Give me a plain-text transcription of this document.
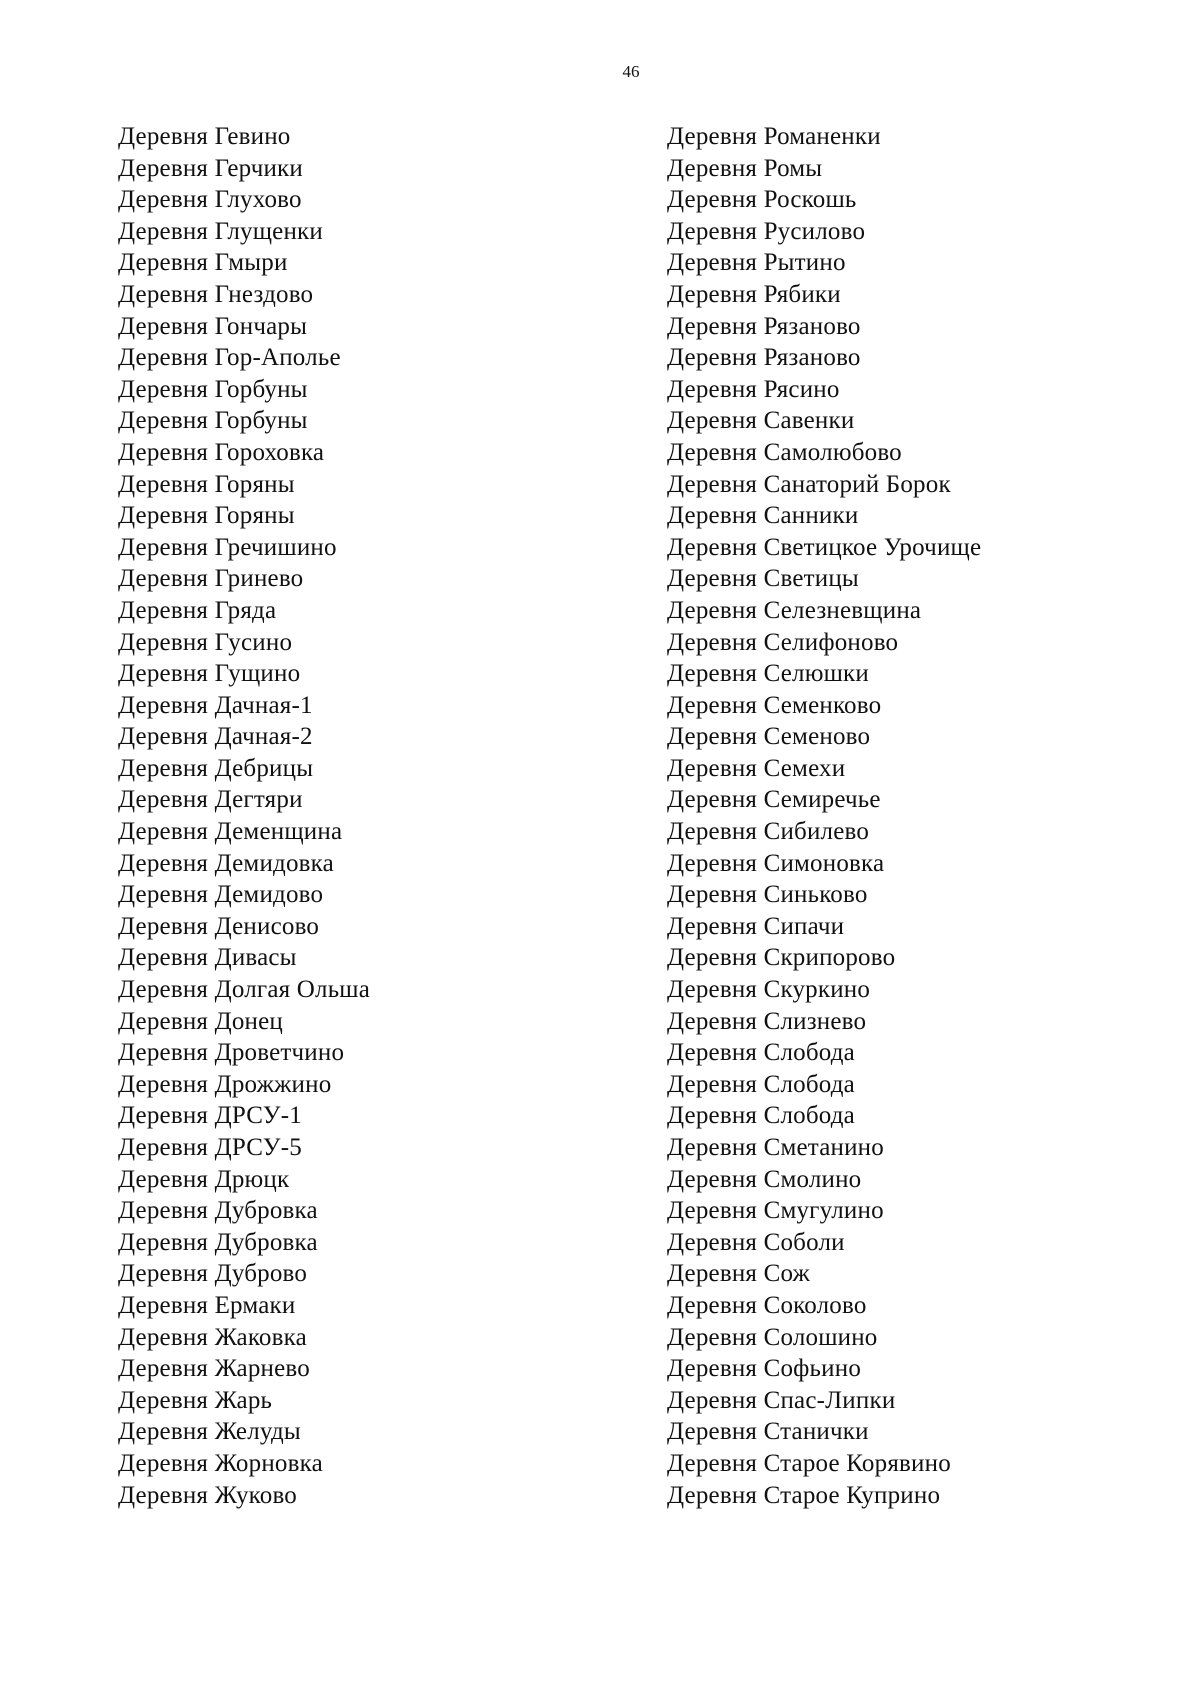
46
Деревня Гевино
Деревня Герчики
Деревня Глухово
Деревня Глущенки
Деревня Гмыри
Деревня Гнездово
Деревня Гончары
Деревня Гор-Аполье
Деревня Горбуны
Деревня Горбуны
Деревня Гороховка
Деревня Горяны
Деревня Горяны
Деревня Гречишино
Деревня Гринево
Деревня Гряда
Деревня Гусино
Деревня Гущино
Деревня Дачная-1
Деревня Дачная-2
Деревня Дебрицы
Деревня Дегтяри
Деревня Деменщина
Деревня Демидовка
Деревня Демидово
Деревня Денисово
Деревня Дивасы
Деревня Долгая Ольша
Деревня Донец
Деревня Дроветчино
Деревня Дрожжино
Деревня ДРСУ-1
Деревня ДРСУ-5
Деревня Дрюцк
Деревня Дубровка
Деревня Дубровка
Деревня Дуброво
Деревня Ермаки
Деревня Жаковка
Деревня Жарнево
Деревня Жарь
Деревня Желуды
Деревня Жорновка
Деревня Жуково
Деревня Романенки
Деревня Ромы
Деревня Роскошь
Деревня Русилово
Деревня Рытино
Деревня Рябики
Деревня Рязаново
Деревня Рязаново
Деревня Рясино
Деревня Савенки
Деревня Самолюбово
Деревня Санаторий Борок
Деревня Санники
Деревня Светицкое Урочище
Деревня Светицы
Деревня Селезневщина
Деревня Селифоново
Деревня Селюшки
Деревня Семенково
Деревня Семеново
Деревня Семехи
Деревня Семиречье
Деревня Сибилево
Деревня Симоновка
Деревня Синьково
Деревня Сипачи
Деревня Скрипорово
Деревня Скуркино
Деревня Слизнево
Деревня Слобода
Деревня Слобода
Деревня Слобода
Деревня Сметанино
Деревня Смолино
Деревня Смугулино
Деревня Соболи
Деревня Сож
Деревня Соколово
Деревня Солошино
Деревня Софьино
Деревня Спас-Липки
Деревня Станички
Деревня Старое Корявино
Деревня Старое Куприно
